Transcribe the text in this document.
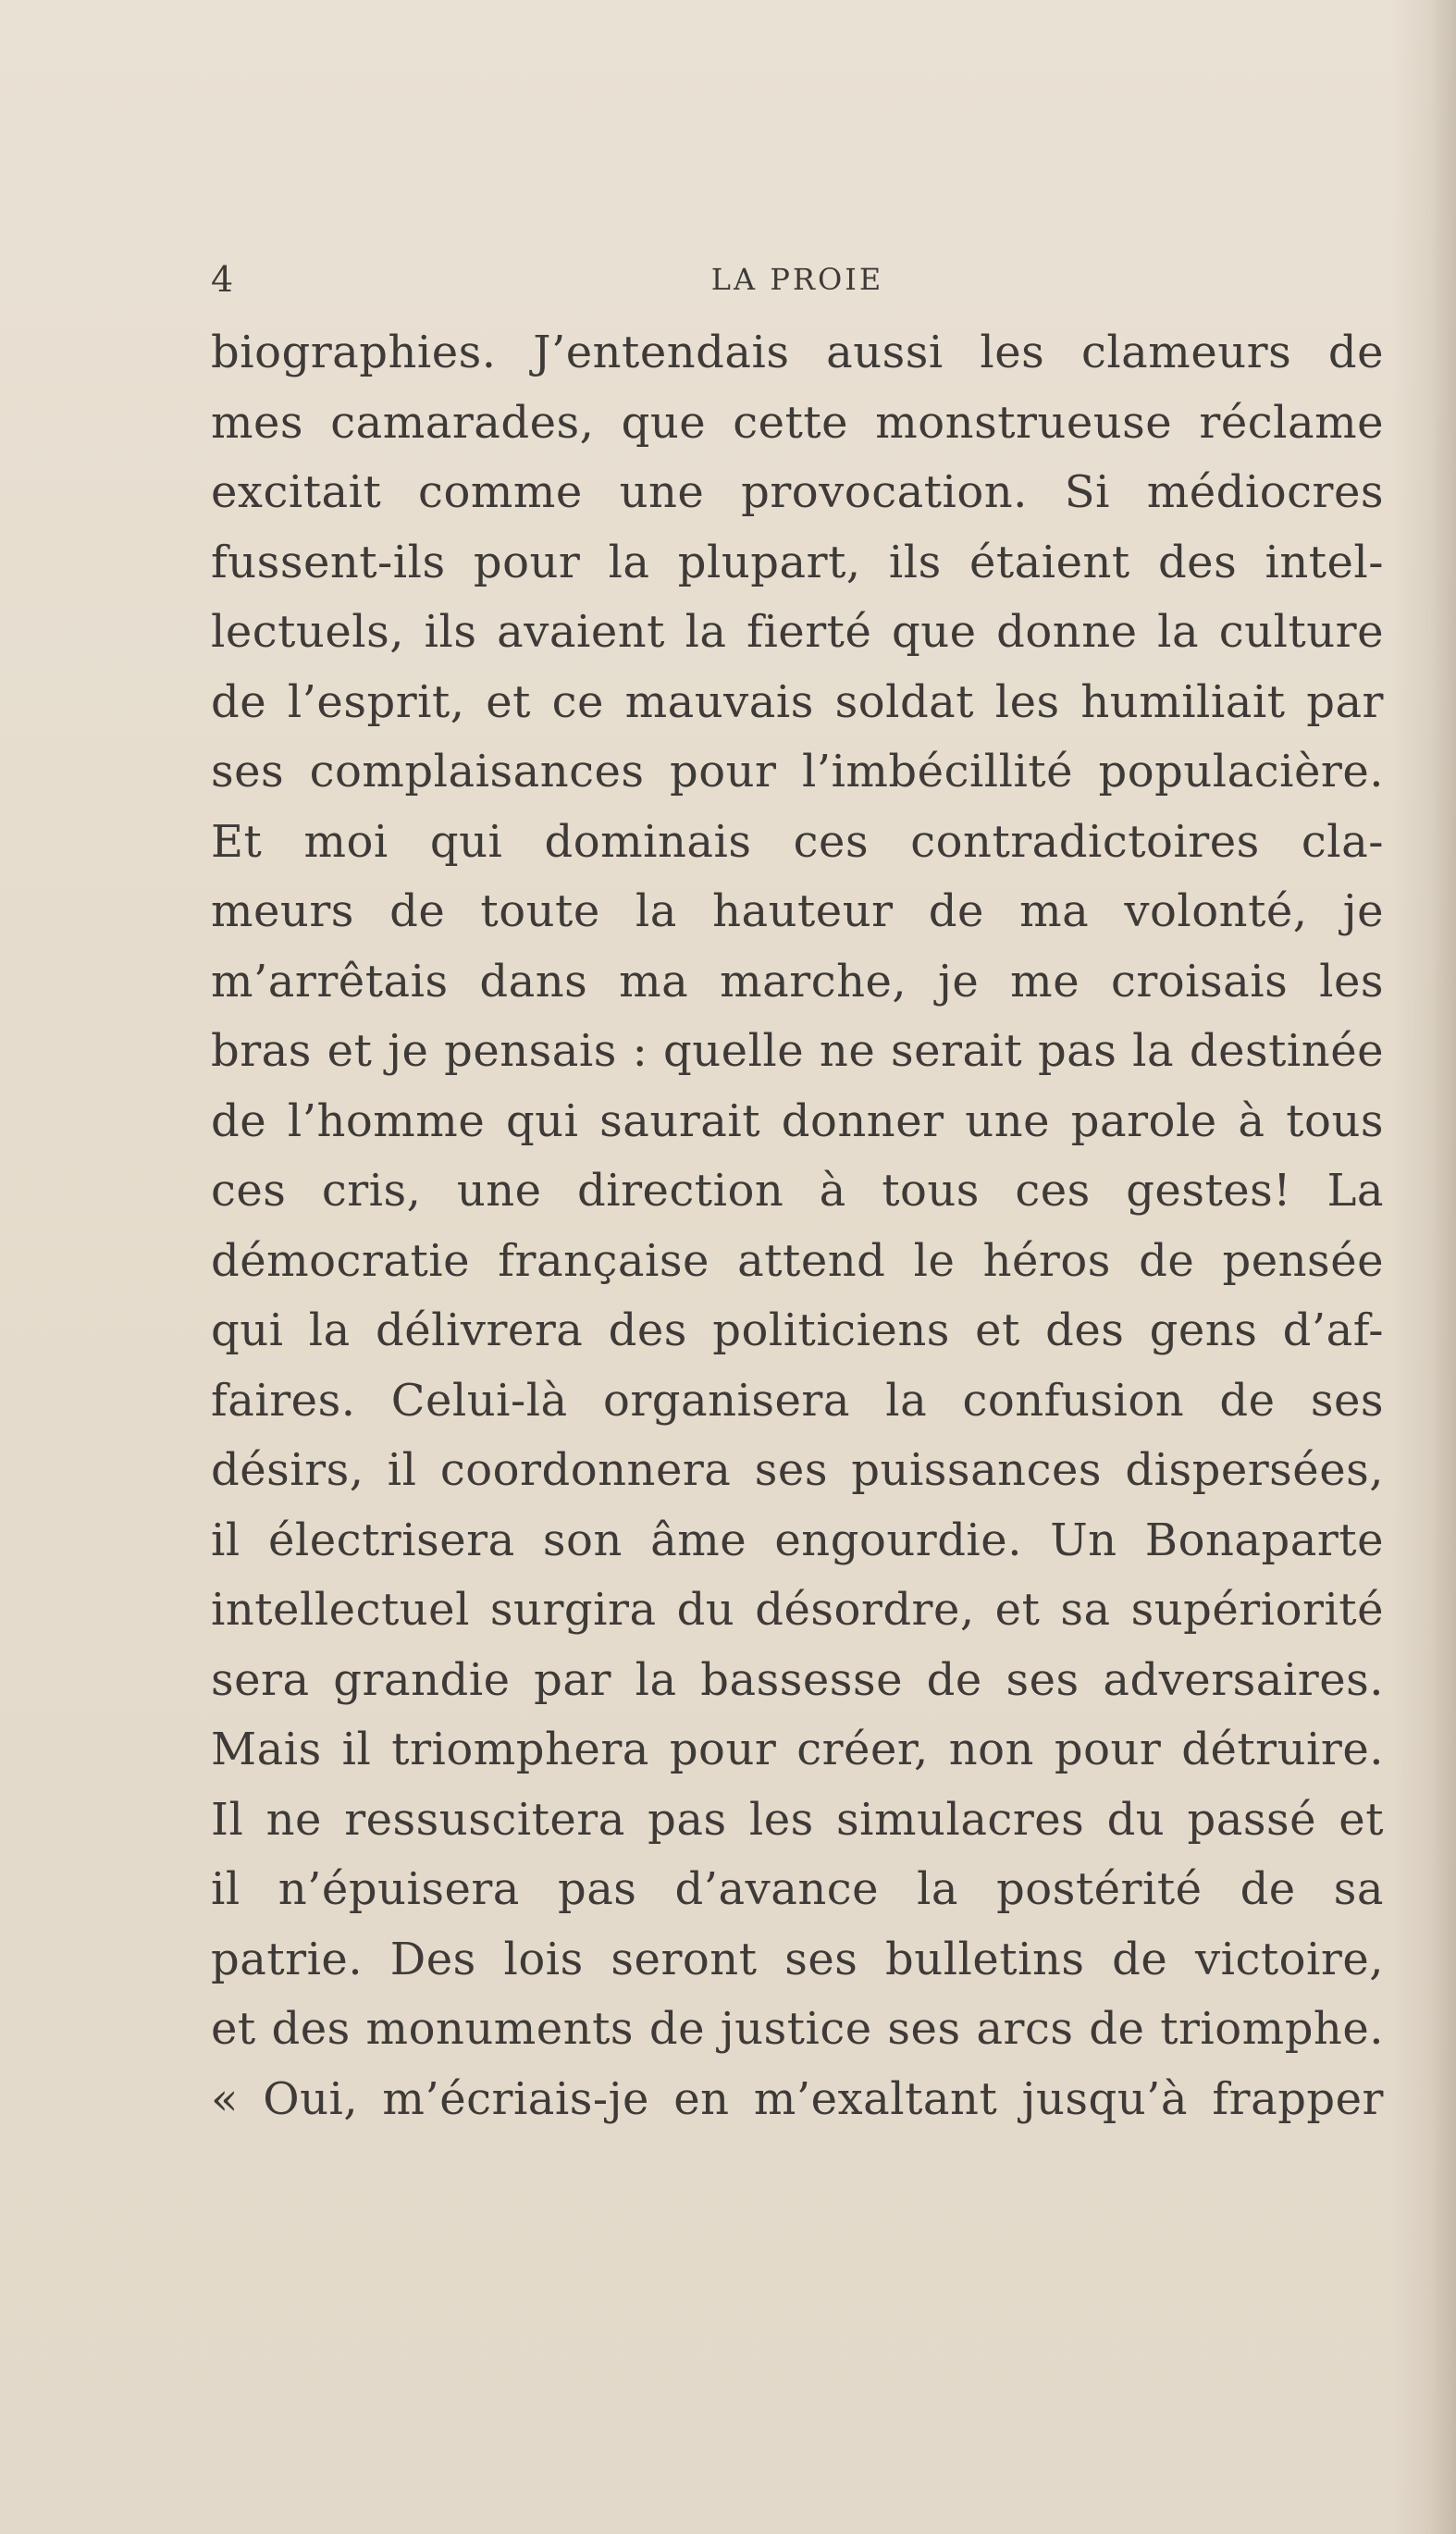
4	LA PROIE
biographies. J’entendais aussi les clameurs de
mes camarades, que cette monstrueuse réclame
excitait comme une provocation. Si médiocres
fussent-ils pour la plupart, ils étaient des intel-
lectuels, ils avaient la fierté que donne la culture
de l’esprit, et ce mauvais soldat les humiliait par
ses complaisances pour l’imbécillité populacière.
Et moi qui dominais ces contradictoires cla-
meurs de toute la hauteur de ma volonté, je
m’arrêtais dans ma marche, je me croisais les
bras et je pensais : quelle ne serait pas la destinée
de l’homme qui saurait donner une parole à tous
ces cris, une direction à tous ces gestes! La
démocratie française attend le héros de pensée
qui la délivrera des politiciens et des gens d’af-
faires. Celui-là organisera la confusion de ses
désirs, il coordonnera ses puissances dispersées,
il électrisera son âme engourdie. Un Bonaparte
intellectuel surgira du désordre, et sa supériorité
sera grandie par la bassesse de ses adversaires.
Mais il triomphera pour créer, non pour détruire.
Il ne ressuscitera pas les simulacres du passé et
il n’épuisera pas d’avance la postérité de sa
patrie. Des lois seront ses bulletins de victoire,
et des monuments de justice ses arcs de triomphe.
« Oui, m’écriais-je en m’exaltant jusqu’à frapper
